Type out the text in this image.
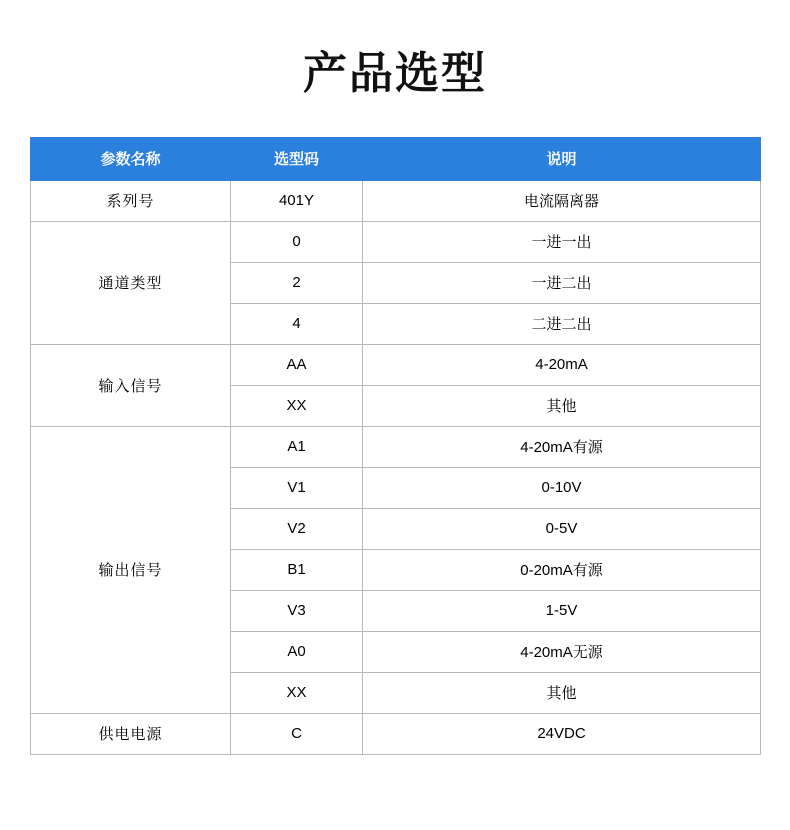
产品选型
参数名称	选型码	说明
系列号	401Y	电流隔离器
通道类型	0	一进一出
	2	一进二出
	4	二进二出
输入信号	AA	4-20mA
	XX	其他
输出信号	A1	4-20mA有源
	V1	0-10V
	V2	0-5V
	B1	0-20mA有源
	V3	1-5V
	A0	4-20mA无源
	XX	其他
供电电源	C	24VDC
